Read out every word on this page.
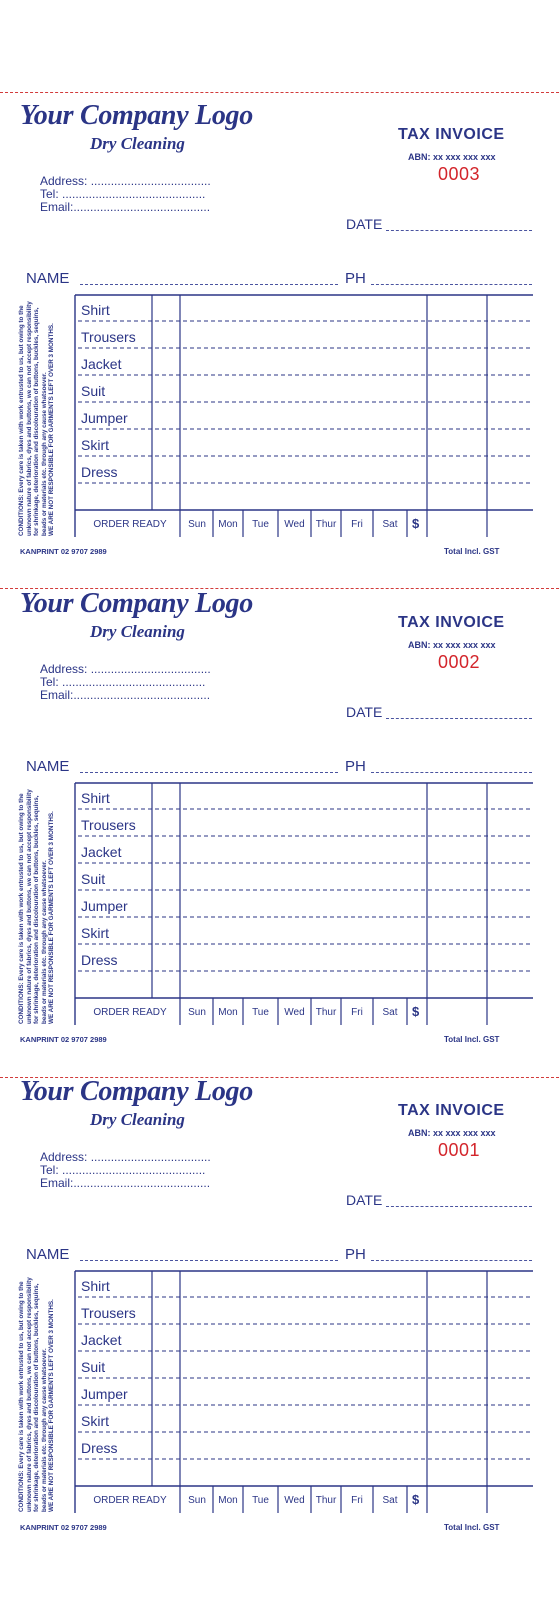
Your Company Logo
Dry Cleaning	TAX INVOICE
ABN: xx xxx xxx xxx
0003
Address: ....................................
Tel: ...........................................
Email:.........................................
DATE
NAME	PH
Shirt
Trousers
Jacket
Suit
Jumper
Skirt
Dress
CONDITIONS: Every care is taken with work entrusted to us, but owing to the unknown nature of fabrics, dyes and buttons, we can not accept responsibility for shrinkage, deterioration and discolouration of buttons, buckles, sequins, beads or materials etc. through any cause whatsoever. WE ARE NOT RESPONSIBLE FOR GARMENTS LEFT OVER 3 MONTHS.	ORDER READY	Sun	Mon	Tue	Wed	Thur	Fri	Sat	$
KANPRINT 02 9707 2989	Total Incl. GST
Your Company Logo
Dry Cleaning	TAX INVOICE
ABN: xx xxx xxx xxx
0002
Address: ....................................
Tel: ...........................................
Email:.........................................
DATE
NAME	PH
Shirt
Trousers
Jacket
Suit
Jumper
Skirt
Dress
CONDITIONS: Every care is taken with work entrusted to us, but owing to the unknown nature of fabrics, dyes and buttons, we can not accept responsibility for shrinkage, deterioration and discolouration of buttons, buckles, sequins, beads or materials etc. through any cause whatsoever. WE ARE NOT RESPONSIBLE FOR GARMENTS LEFT OVER 3 MONTHS.	ORDER READY	Sun	Mon	Tue	Wed	Thur	Fri	Sat	$
KANPRINT 02 9707 2989	Total Incl. GST
Your Company Logo
Dry Cleaning	TAX INVOICE
ABN: xx xxx xxx xxx
0001
Address: ....................................
Tel: ...........................................
Email:.........................................
DATE
NAME	PH
Shirt
Trousers
Jacket
Suit
Jumper
Skirt
Dress
CONDITIONS: Every care is taken with work entrusted to us, but owing to the unknown nature of fabrics, dyes and buttons, we can not accept responsibility for shrinkage, deterioration and discolouration of buttons, buckles, sequins, beads or materials etc. through any cause whatsoever. WE ARE NOT RESPONSIBLE FOR GARMENTS LEFT OVER 3 MONTHS.	ORDER READY	Sun	Mon	Tue	Wed	Thur	Fri	Sat	$
KANPRINT 02 9707 2989	Total Incl. GST
